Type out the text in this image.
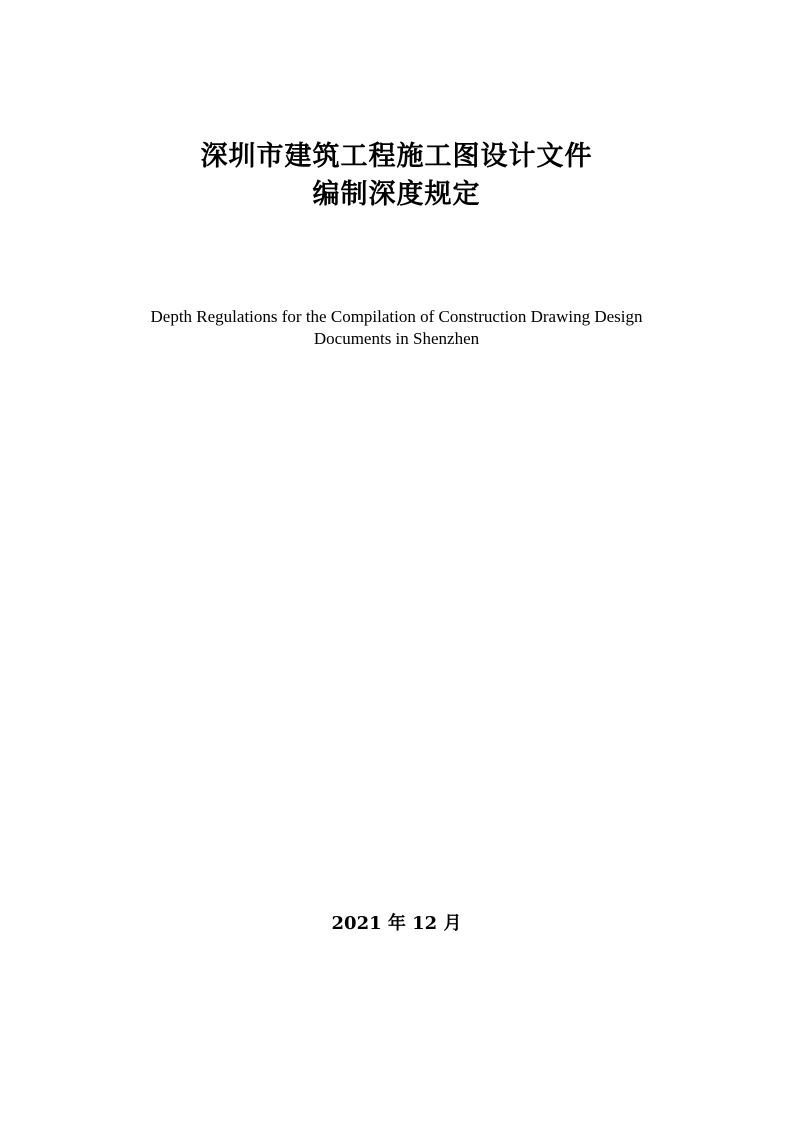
深圳市建筑工程施工图设计文件
编制深度规定
Depth Regulations for the Compilation of Construction Drawing Design
Documents in Shenzhen
2021 年 12 月
